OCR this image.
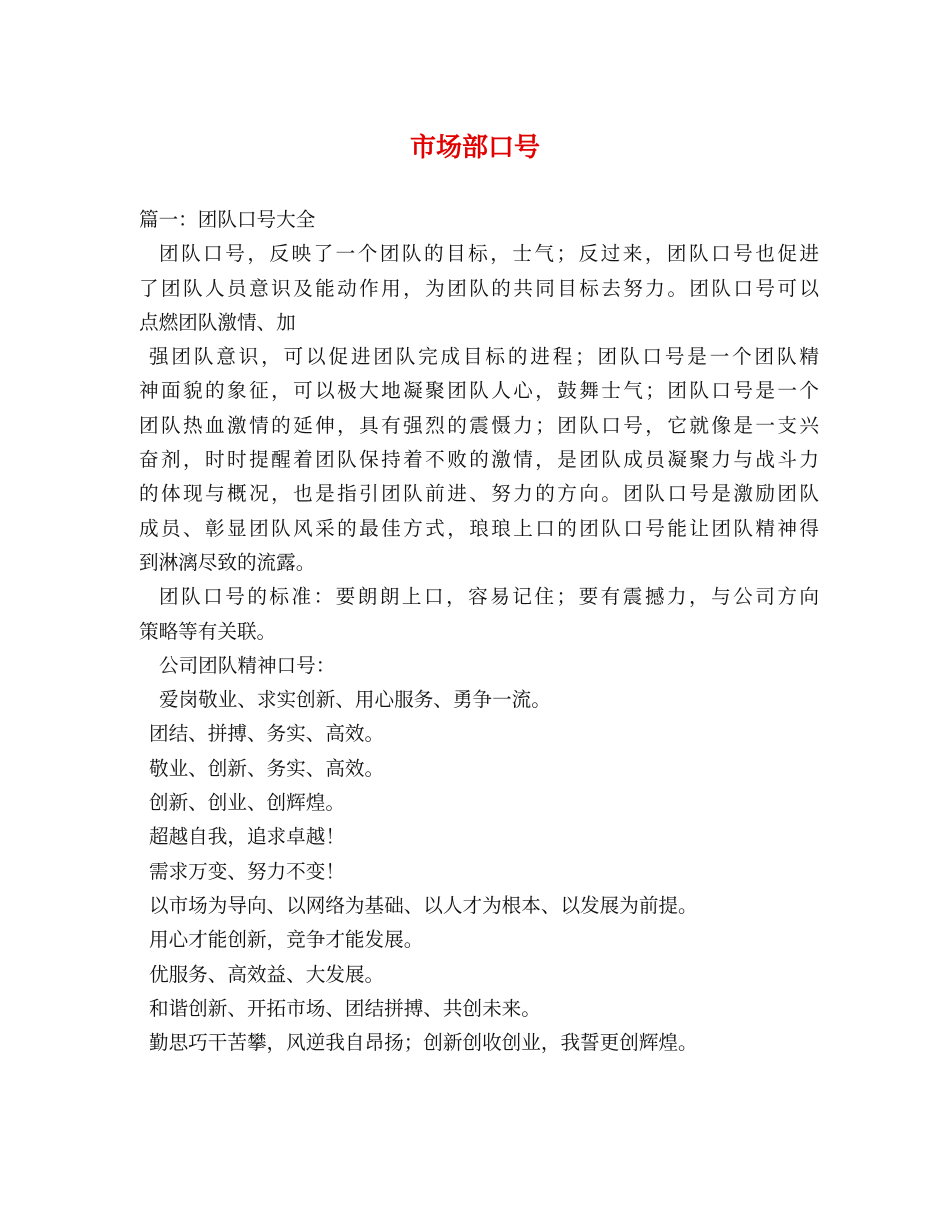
市场部口号
篇一：团队口号大全
团队口号，反映了一个团队的目标，士气；反过来，团队口号也促进
了团队人员意识及能动作用，为团队的共同目标去努力。团队口号可以
点燃团队激情、加
强团队意识，可以促进团队完成目标的进程；团队口号是一个团队精
神面貌的象征，可以极大地凝聚团队人心，鼓舞士气；团队口号是一个
团队热血激情的延伸，具有强烈的震慑力；团队口号，它就像是一支兴
奋剂，时时提醒着团队保持着不败的激情，是团队成员凝聚力与战斗力
的体现与概况，也是指引团队前进、努力的方向。团队口号是激励团队
成员、彰显团队风采的最佳方式，琅琅上口的团队口号能让团队精神得
到淋漓尽致的流露。
团队口号的标准：要朗朗上口，容易记住；要有震撼力，与公司方向
策略等有关联。
公司团队精神口号：
爱岗敬业、求实创新、用心服务、勇争一流。
团结、拼搏、务实、高效。
敬业、创新、务实、高效。
创新、创业、创辉煌。
超越自我，追求卓越！
需求万变、努力不变！
以市场为导向、以网络为基础、以人才为根本、以发展为前提。
用心才能创新，竞争才能发展。
优服务、高效益、大发展。
和谐创新、开拓市场、团结拼搏、共创未来。
勤思巧干苦攀，风逆我自昂扬；创新创收创业，我誓更创辉煌。
